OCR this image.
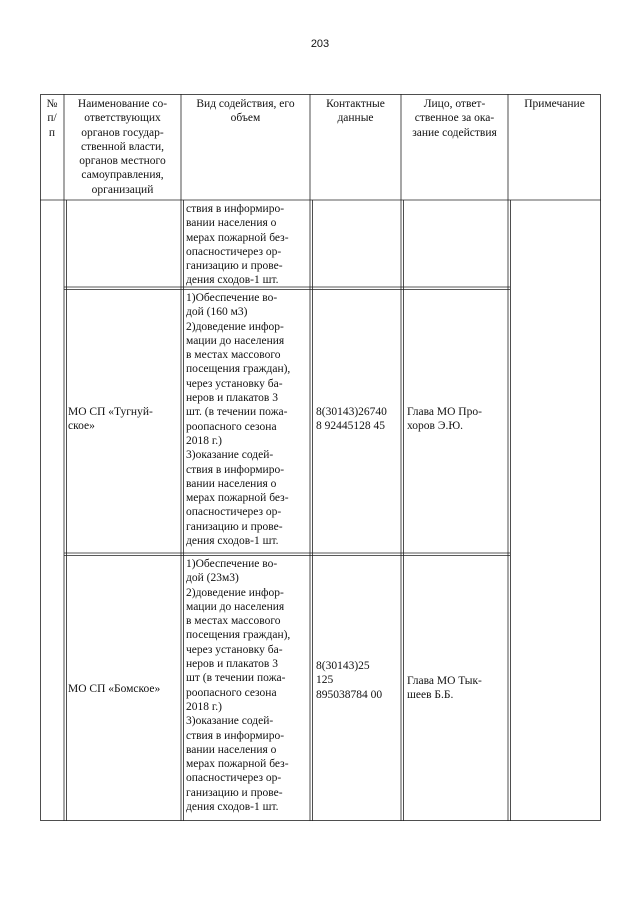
203
№
п/
п
Наименование со-
ответствующих
органов государ-
ственной власти,
органов местного
самоуправления,
организаций
Вид содействия, его
объем
Контактные
данные
Лицо, ответ-
ственное за ока-
зание содействия
Примечание
ствия в информиро-
вании населения о
мерах пожарной без-
опасностичерез ор-
ганизацию и прове-
дения сходов-1 шт.
МО СП «Тугнуй-
ское»
1)Обеспечение во-
дой (160 м3)
2)доведение инфор-
мации до населения
в местах массового
посещения граждан),
через установку ба-
неров и плакатов 3
шт. (в течении пожа-
роопасного сезона
2018 г.)
3)оказание содей-
ствия в информиро-
вании населения о
мерах пожарной без-
опасностичерез ор-
ганизацию и прове-
дения сходов-1 шт.
8(30143)26740
8 92445128 45
Глава МО Про-
хоров Э.Ю.
МО СП «Бомское»
1)Обеспечение во-
дой (23м3)
2)доведение инфор-
мации до населения
в местах массового
посещения граждан),
через установку ба-
неров и плакатов 3
шт (в течении пожа-
роопасного сезона
2018 г.)
3)оказание содей-
ствия в информиро-
вании населения о
мерах пожарной без-
опасностичерез ор-
ганизацию и прове-
дения сходов-1 шт.
8(30143)25
125
895038784 00
Глава МО Тык-
шеев Б.Б.
